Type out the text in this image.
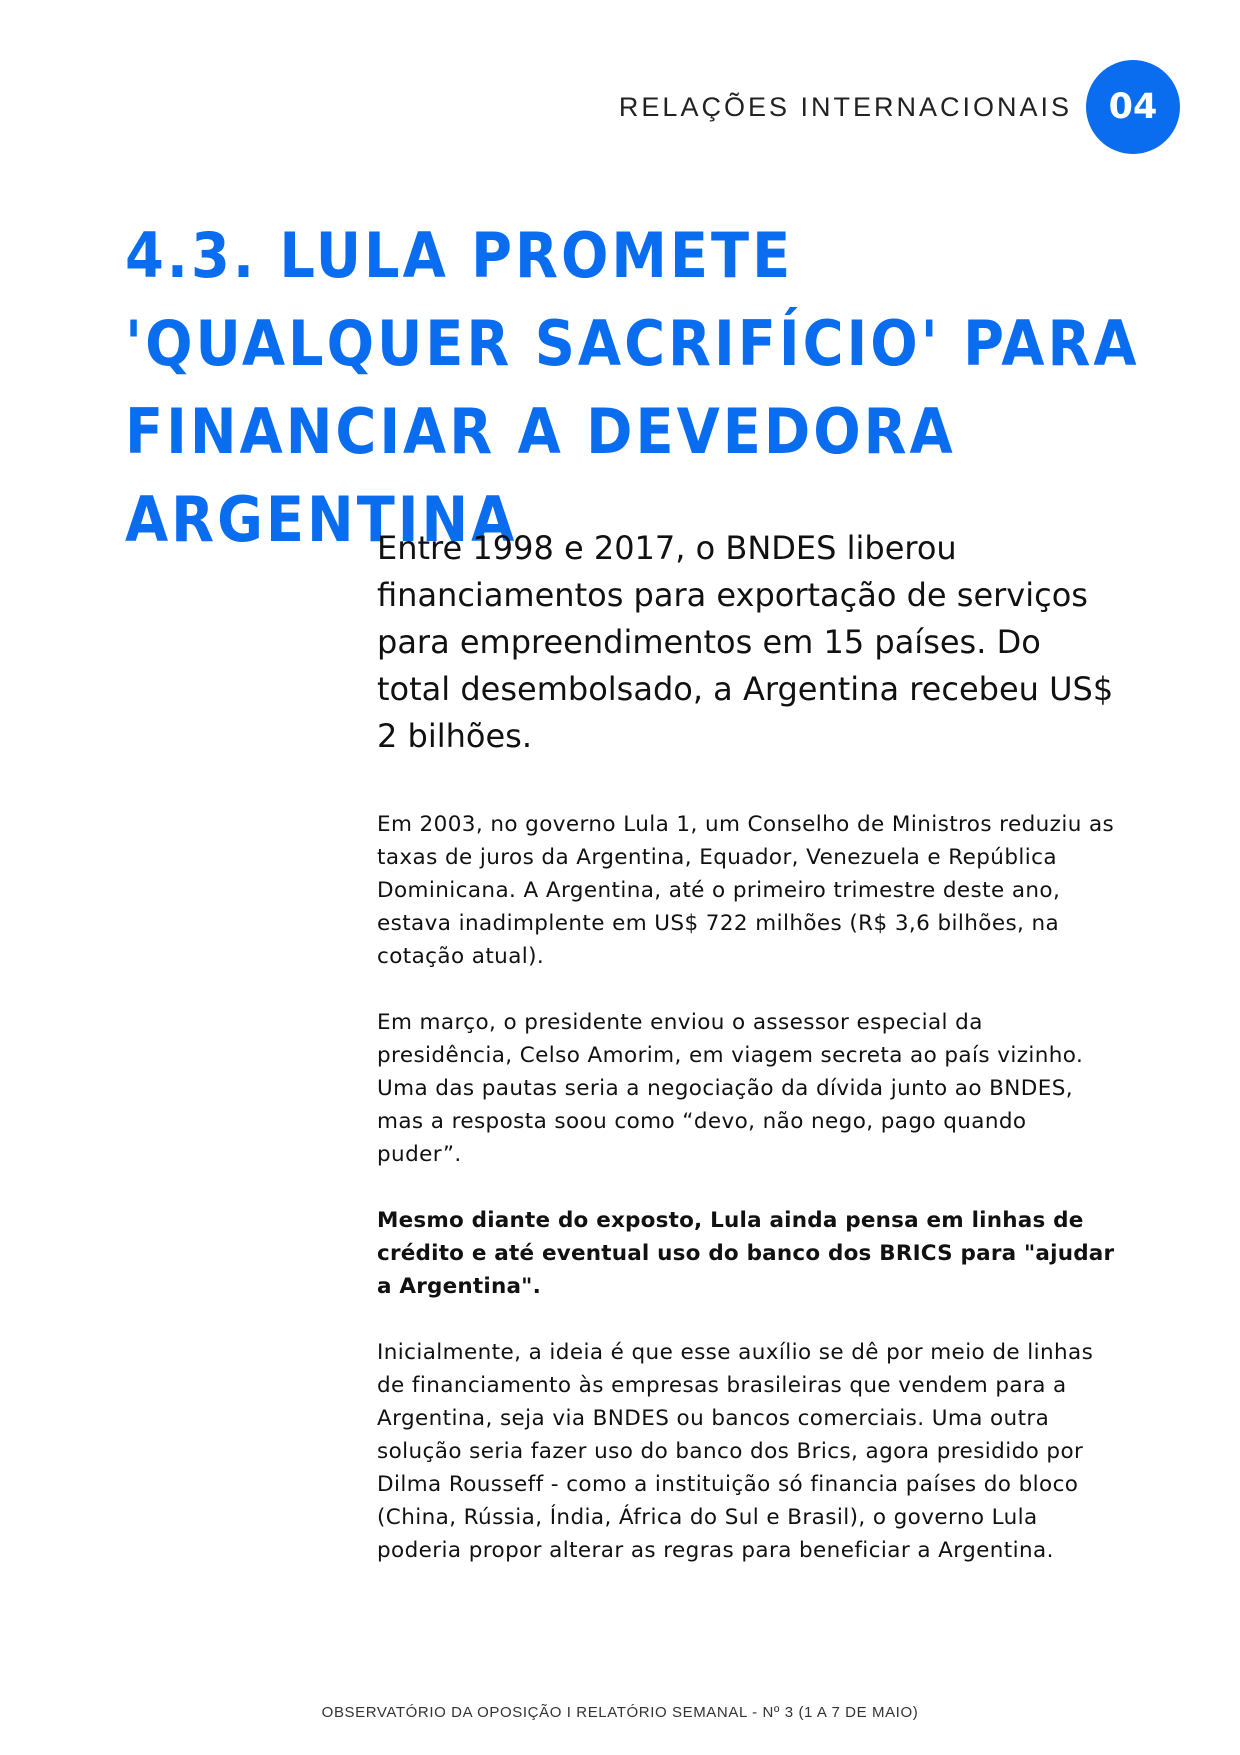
RELAÇÕES INTERNACIONAIS	04
4.3. LULA PROMETE 'QUALQUER SACRIFÍCIO' PARA FINANCIAR A DEVEDORA ARGENTINA

Entre 1998 e 2017, o BNDES liberou financiamentos para exportação de serviços para empreendimentos em 15 países. Do total desembolsado, a Argentina recebeu US$ 2 bilhões.

Em 2003, no governo Lula 1, um Conselho de Ministros reduziu as taxas de juros da Argentina, Equador, Venezuela e República Dominicana. A Argentina, até o primeiro trimestre deste ano, estava inadimplente em US$ 722 milhões (R$ 3,6 bilhões, na cotação atual).

Em março, o presidente enviou o assessor especial da presidência, Celso Amorim, em viagem secreta ao país vizinho. Uma das pautas seria a negociação da dívida junto ao BNDES, mas a resposta soou como “devo, não nego, pago quando puder”.

Mesmo diante do exposto, Lula ainda pensa em linhas de crédito e até eventual uso do banco dos BRICS para "ajudar a Argentina".

Inicialmente, a ideia é que esse auxílio se dê por meio de linhas de financiamento às empresas brasileiras que vendem para a Argentina, seja via BNDES ou bancos comerciais. Uma outra solução seria fazer uso do banco dos Brics, agora presidido por Dilma Rousseff - como a instituição só financia países do bloco (China, Rússia, Índia, África do Sul e Brasil), o governo Lula poderia propor alterar as regras para beneficiar a Argentina.

OBSERVATÓRIO DA OPOSIÇÃO I RELATÓRIO SEMANAL - Nº 3 (1 A 7 DE MAIO)
